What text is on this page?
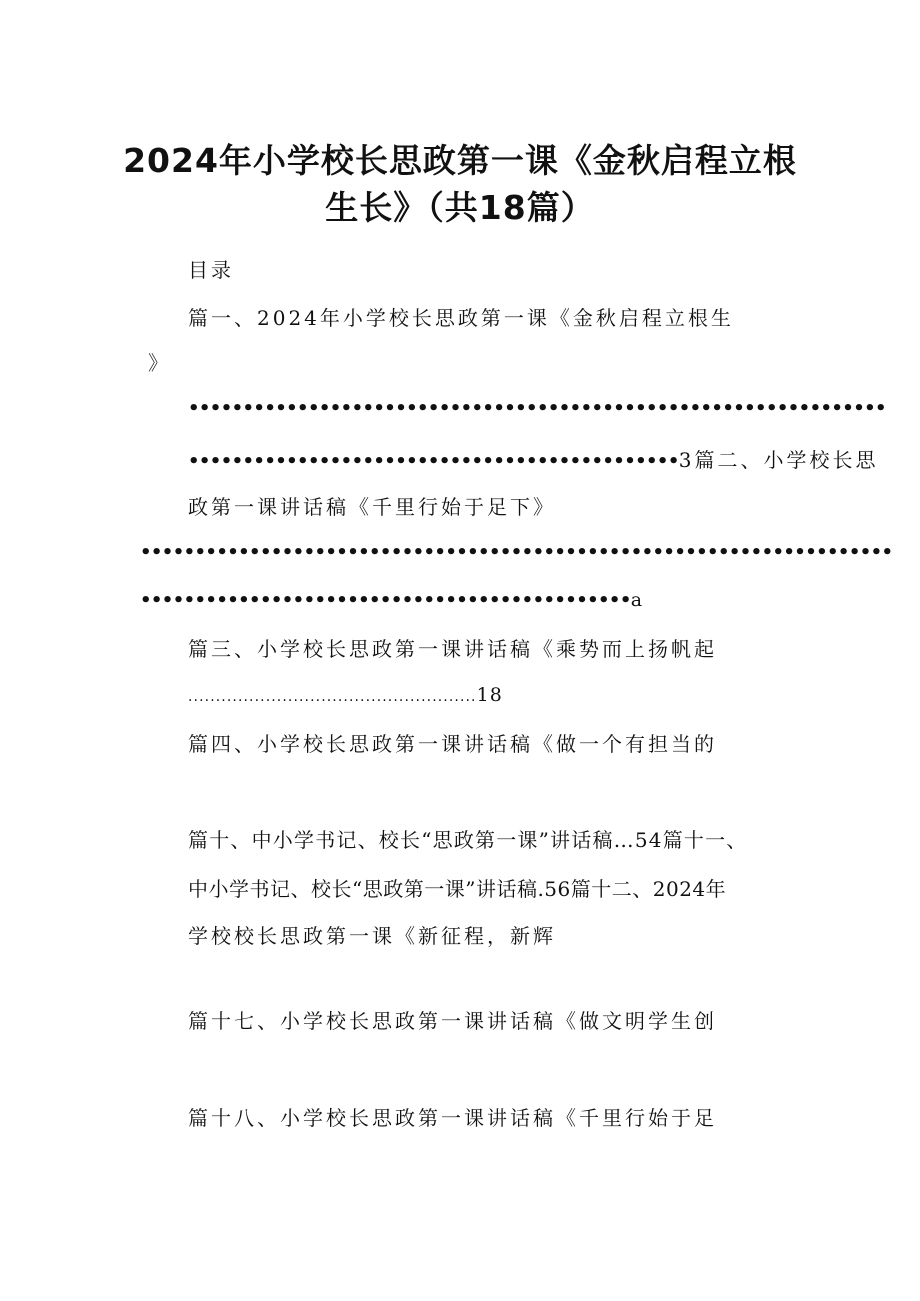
2024年小学校长思政第一课《金秋启程立根
生长》（共18篇）
目录
篇一、2024年小学校长思政第一课《金秋启程立根生
》
••••••••••••••••••••••••••••••••••••••••••••••••••••••••••••••••
•••••••••••••••••••••••••••••••••••••••••••••3篇二、小学校长思
政第一课讲话稿《千里行始于足下》
•••••••••••••••••••••••••••••••••••••••••••••••••••••••••••••••••••••
•••••••••••••••••••••••••••••••••••••••••••••a
篇三、小学校长思政第一课讲话稿《乘势而上扬帆起
....................................................18
篇四、小学校长思政第一课讲话稿《做一个有担当的
篇十、中小学书记、校长“思政第一课”讲话稿…54篇十一、
中小学书记、校长“思政第一课”讲话稿.56篇十二、2024年
学校校长思政第一课《新征程，新辉
篇十七、小学校长思政第一课讲话稿《做文明学生创
篇十八、小学校长思政第一课讲话稿《千里行始于足
